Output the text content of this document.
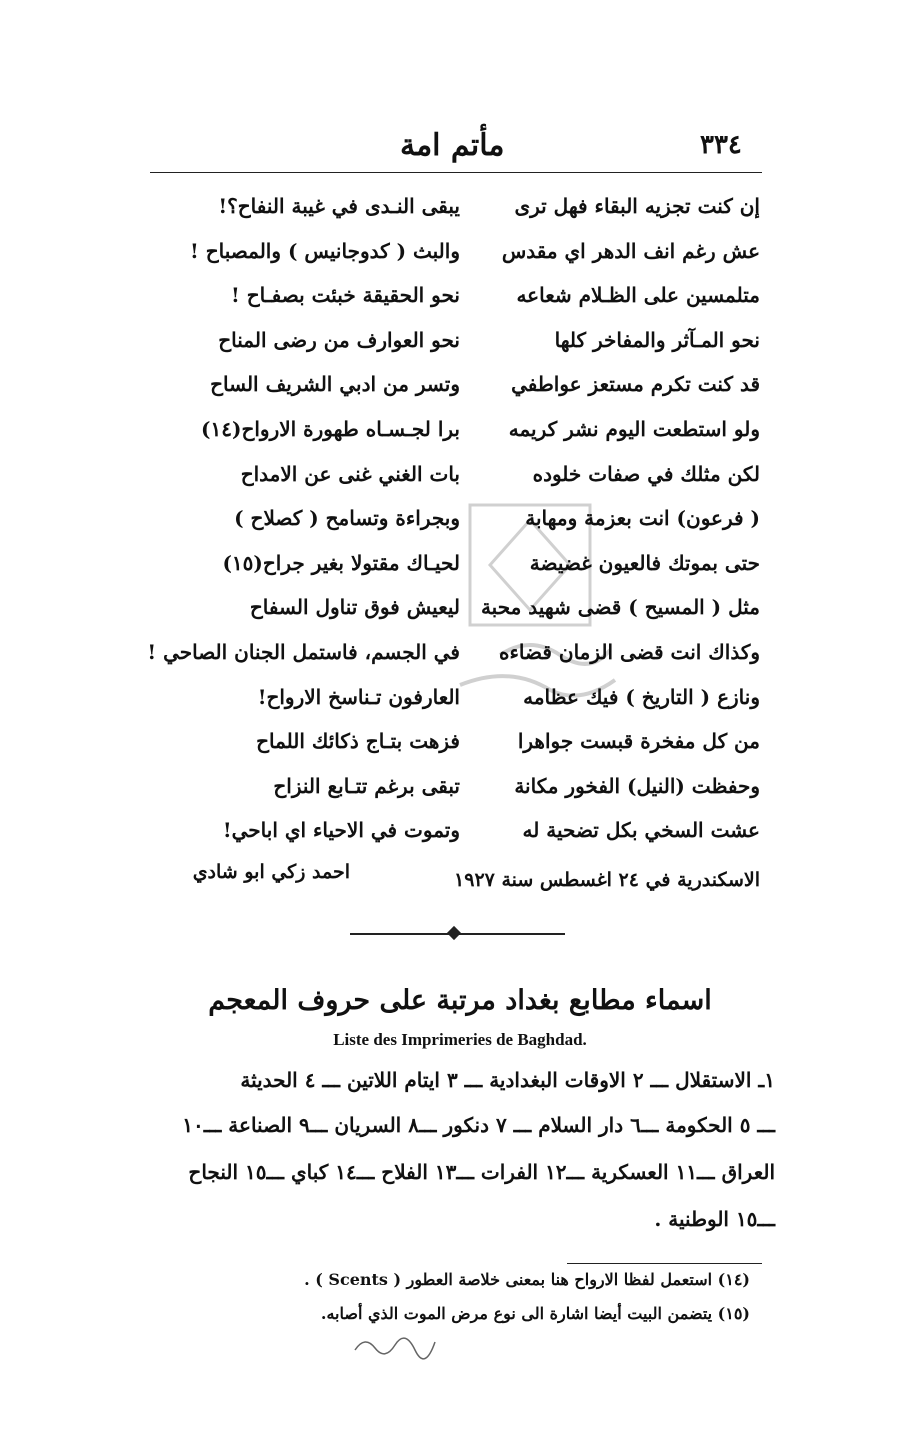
مأتم امة	٣٣٤
إن كنت تجزيه البقاء فهل ترى
يبقى النـدى في غيبة النفاح؟!
عش رغم انف الدهر اي مقدس
والبث ( كدوجانيس ) والمصباح !
متلمسين على الظـلام شعاعه
نحو الحقيقة خبئت بصفـاح !
نحو المـآثر والمفاخر كلها
نحو العوارف من رضى المناح
قد كنت تكرم مستعز عواطفي
وتسر من ادبي الشريف الساح
ولو استطعت اليوم نشر كريمه
برا لجـسـاه طهورة الارواح(١٤)
لكن مثلك في صفات خلوده
بات الغني غنى عن الامداح
( فرعون) انت بعزمة ومهابة
وبجراءة وتسامح ( كصلاح )
حتى بموتك فالعيون غضيضة
لحيـاك مقتولا بغير جراح(١٥)
مثل ( المسيح ) قضى شهيد محبة
ليعيش فوق تناول السفاح
وكذاك انت قضى الزمان قضاءه
في الجسم، فاستمل الجنان الصاحي !
ونازع ( التاريخ ) فيك عظامه
العارفون تـناسخ الارواح!
من كل مفخرة قبست جواهرا
فزهت بتـاج ذكائك اللماح
وحفظت (النيل) الفخور مكانة
تبقى برغم تتـابع النزاح
عشت السخي بكل تضحية له
وتموت في الاحياء اي اباحي!
الاسكندرية في ٢٤ اغسطس سنة ١٩٢٧
احمد زكي ابو شادي
اسماء مطابع بغداد مرتبة على حروف المعجم
Liste des Imprimeries de Baghdad.
١ـ الاستقلال ـــ ٢ الاوقات البغدادية ـــ ٣ ايتام اللاتين ـــ ٤ الحديثة
ـــ ٥ الحكومة ـــ٦ دار السلام ـــ ٧ دنكور ـــ٨ السريان ـــ٩ الصناعة ـــ١٠
العراق ـــ١١ العسكرية ـــ١٢ الفرات ـــ١٣ الفلاح ـــ١٤ كباي ـــ١٥ النجاح
ـــ١٥ الوطنية .
(١٤) استعمل لفظا الارواح هنا بمعنى خلاصة العطور ( Scents ) .
(١٥) يتضمن البيت أيضا اشارة الى نوع مرض الموت الذي أصابه.
